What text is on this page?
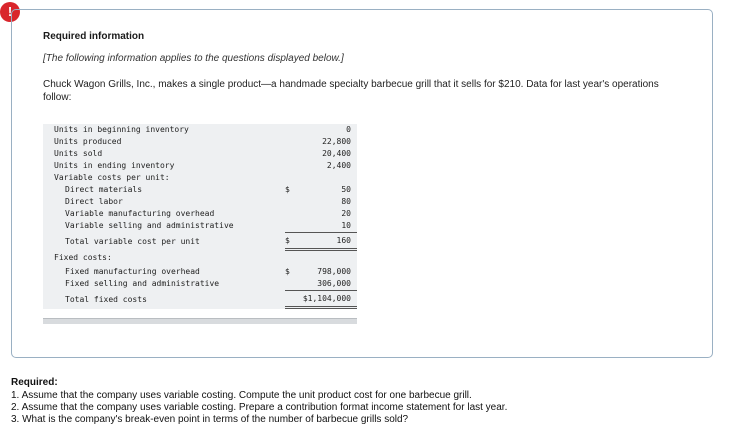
!
Required information
[The following information applies to the questions displayed below.]
Chuck Wagon Grills, Inc., makes a single product—a handmade specialty barbecue grill that it sells for $210. Data for last year's operations follow:
Units in beginning inventory		0
Units produced		22,800
Units sold		20,400
Units in ending inventory		2,400
Variable costs per unit:		
Direct materials	$	50
Direct labor		80
Variable manufacturing overhead		20
Variable selling and administrative		10
Total variable cost per unit	$	160
Fixed costs:		
Fixed manufacturing overhead	$	798,000
Fixed selling and administrative		306,000
Total fixed costs		$1,104,000
Required:
1. Assume that the company uses variable costing. Compute the unit product cost for one barbecue grill.
2. Assume that the company uses variable costing. Prepare a contribution format income statement for last year.
3. What is the company's break-even point in terms of the number of barbecue grills sold?
